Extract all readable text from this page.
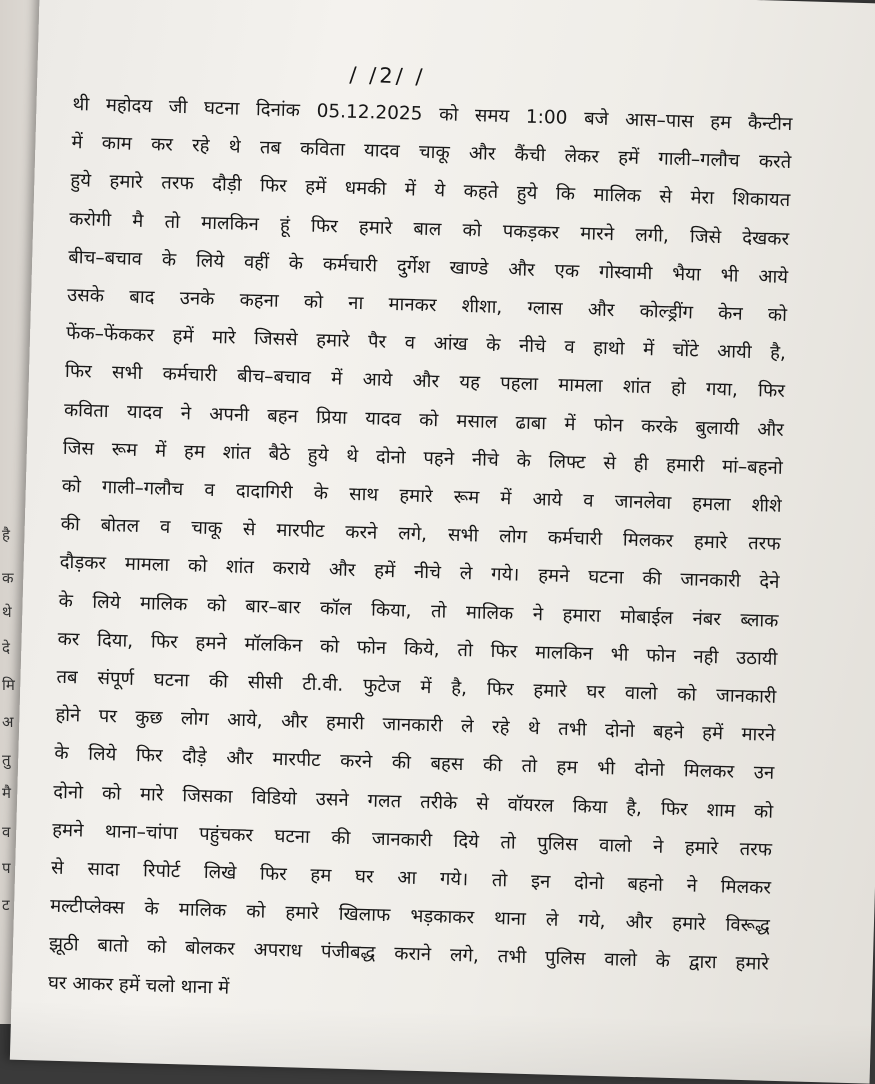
है
क
थे
दे
मि
अ
तु
मै
व
प
ट
/ /2/ /
थी महोदय जी घटना दिनांक 05.12.2025 को समय 1:00 बजे आस–पास हम कैन्टीन
में काम कर रहे थे तब कविता यादव चाकू और कैंची लेकर हमें गाली–गलौच करते
हुये हमारे तरफ दौड़ी फिर हमें धमकी में ये कहते हुये कि मालिक से मेरा शिकायत
करोगी मै तो मालकिन हूं फिर हमारे बाल को पकड़कर मारने लगी, जिसे देखकर
बीच–बचाव के लिये वहीं के कर्मचारी दुर्गेश खाण्डे और एक गोस्वामी भैया भी आये
उसके बाद उनके कहना को ना मानकर शीशा, ग्लास और कोल्ड्रींग केन को
फेंक–फेंककर हमें मारे जिससे हमारे पैर व आंख के नीचे व हाथो में चोंटे आयी है,
फिर सभी कर्मचारी बीच–बचाव में आये और यह पहला मामला शांत हो गया, फिर
कविता यादव ने अपनी बहन प्रिया यादव को मसाल ढाबा में फोन करके बुलायी और
जिस रूम में हम शांत बैठे हुये थे दोनो पहने नीचे के लिफ्ट से ही हमारी मां–बहनो
को गाली–गलौच व दादागिरी के साथ हमारे रूम में आये व जानलेवा हमला शीशे
की बोतल व चाकू से मारपीट करने लगे, सभी लोग कर्मचारी मिलकर हमारे तरफ
दौड़कर मामला को शांत कराये और हमें नीचे ले गये। हमने घटना की जानकारी देने
के लिये मालिक को बार–बार कॉल किया, तो मालिक ने हमारा मोबाईल नंबर ब्लाक
कर दिया, फिर हमने मॉलकिन को फोन किये, तो फिर मालकिन भी फोन नही उठायी
तब संपूर्ण घटना की सीसी टी.वी. फुटेज में है, फिर हमारे घर वालो को जानकारी
होने पर कुछ लोग आये, और हमारी जानकारी ले रहे थे तभी दोनो बहने हमें मारने
के लिये फिर दौड़े और मारपीट करने की बहस की तो हम भी दोनो मिलकर उन
दोनो को मारे जिसका विडियो उसने गलत तरीके से वॉयरल किया है, फिर शाम को
हमने थाना–चांपा पहुंचकर घटना की जानकारी दिये तो पुलिस वालो ने हमारे तरफ
से सादा रिपोर्ट लिखे फिर हम घर आ गये। तो इन दोनो बहनो ने मिलकर
मल्टीप्लेक्स के मालिक को हमारे खिलाफ भड़काकर थाना ले गये, और हमारे विरूद्ध
झूठी बातो को बोलकर अपराध पंजीबद्ध कराने लगे, तभी पुलिस वालो के द्वारा हमारे
घर आकर हमें चलो थाना में
